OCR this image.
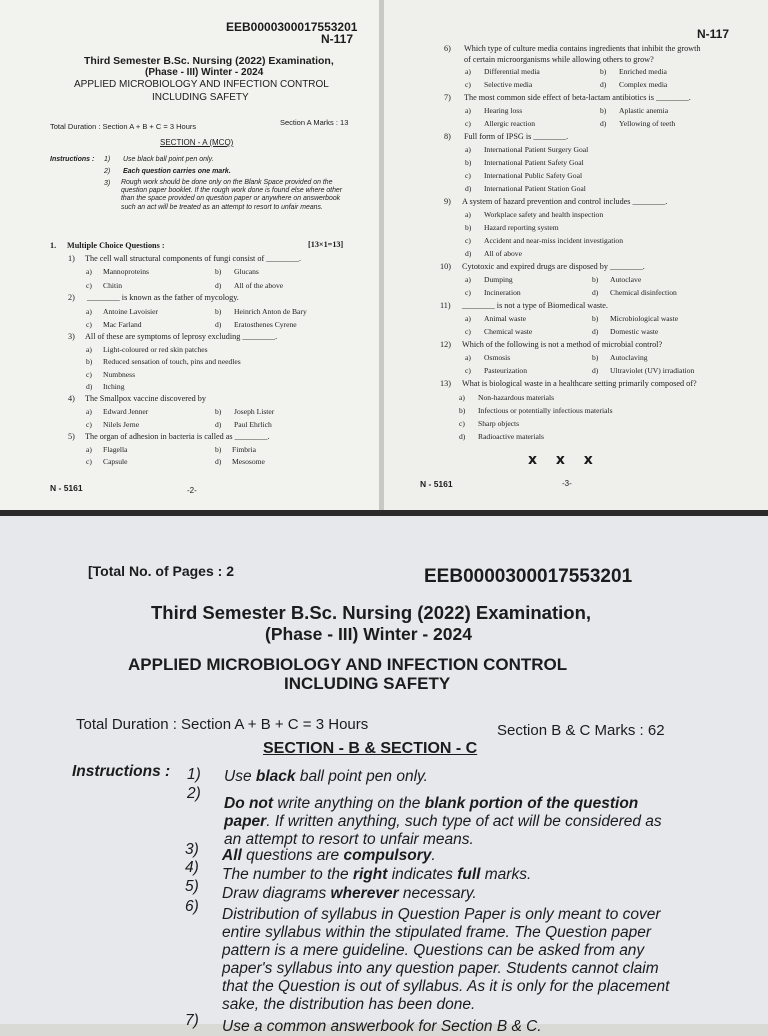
EEB0000300017553201
N-117
Third Semester B.Sc. Nursing (2022) Examination,
(Phase - III) Winter - 2024
APPLIED MICROBIOLOGY AND INFECTION CONTROL
INCLUDING SAFETY
Total Duration : Section A + B + C = 3 Hours	Section A Marks : 13
SECTION - A (MCQ)
Instructions : 1) Use black ball point pen only.
2) Each question carries one mark.
3) Rough work should be done only on the Blank Space provided on the question paper booklet. If the rough work done is found else where other than the space provided on question paper or anywhere on answerbook such an act will be treated as an attempt to resort to unfair means.
1. Multiple Choice Questions :	[13×1=13]
1) The cell wall structural components of fungi consist of ________.
a) Mannoproteins	b) Glucans
c) Chitin	d) All of the above
2) ________ is known as the father of mycology.
a) Antoine Lavoisier	b) Heinrich Anton de Bary
c) Mac Farland	d) Eratosthenes Cyrene
3) All of these are symptoms of leprosy excluding ________.
a) Light-coloured or red skin patches
b) Reduced sensation of touch, pins and needles
c) Numbness
d) Itching
4) The Smallpox vaccine discovered by
a) Edward Jenner	b) Joseph Lister
c) Nilels Jerne	d) Paul Ehrlich
5) The organ of adhesion in bacteria is called as ________.
a) Flagella	b) Fimbria
c) Capsule	d) Mesosome
N - 5161	-2-
N-117
6) Which type of culture media contains ingredients that inhibit the growth
of certain microorganisms while allowing others to grow?
a) Differential media	b) Enriched media
c) Selective media	d) Complex media
7) The most common side effect of beta-lactam antibiotics is ________.
a) Hearing loss	b) Aplastic anemia
c) Allergic reaction	d) Yellowing of teeth
8) Full form of IPSG is ________.
a) International Patient Surgery Goal
b) International Patient Safety Goal
c) International Public Safety Goal
d) International Patient Station Goal
9) A system of hazard prevention and control includes ________.
a) Workplace safety and health inspection
b) Hazard reporting system
c) Accident and near-miss incident investigation
d) All of above
10) Cytotoxic and expired drugs are disposed by ________.
a) Dumping	b) Autoclave
c) Incineration	d) Chemical disinfection
11) ________ is not a type of Biomedical waste.
a) Animal waste	b) Microbiological waste
c) Chemical waste	d) Domestic waste
12) Which of the following is not a method of microbial control?
a) Osmosis	b) Autoclaving
c) Pasteurization	d) Ultraviolet (UV) irradiation
13) What is biological waste in a healthcare setting primarily composed of?
a) Non-hazardous materials
b) Infectious or potentially infectious materials
c) Sharp objects
d) Radioactive materials
x x x
N - 5161	-3-
[Total No. of Pages : 2	EEB0000300017553201
Third Semester B.Sc. Nursing (2022) Examination,
(Phase - III) Winter - 2024
APPLIED MICROBIOLOGY AND INFECTION CONTROL
INCLUDING SAFETY
Total Duration : Section A + B + C = 3 Hours	Section B & C Marks : 62
SECTION - B & SECTION - C
Instructions : 1) Use black ball point pen only.
2)
Do not write anything on the blank portion of the question paper. If written anything, such type of act will be considered as an attempt to resort to unfair means.
3) All questions are compulsory.
4) The number to the right indicates full marks.
5) Draw diagrams wherever necessary.
6) Distribution of syllabus in Question Paper is only meant to cover entire syllabus within the stipulated frame. The Question paper pattern is a mere guideline. Questions can be asked from any paper's syllabus into any question paper. Students cannot claim that the Question is out of syllabus. As it is only for the placement sake, the distribution has been done.
7) Use a common answerbook for Section B & C.
